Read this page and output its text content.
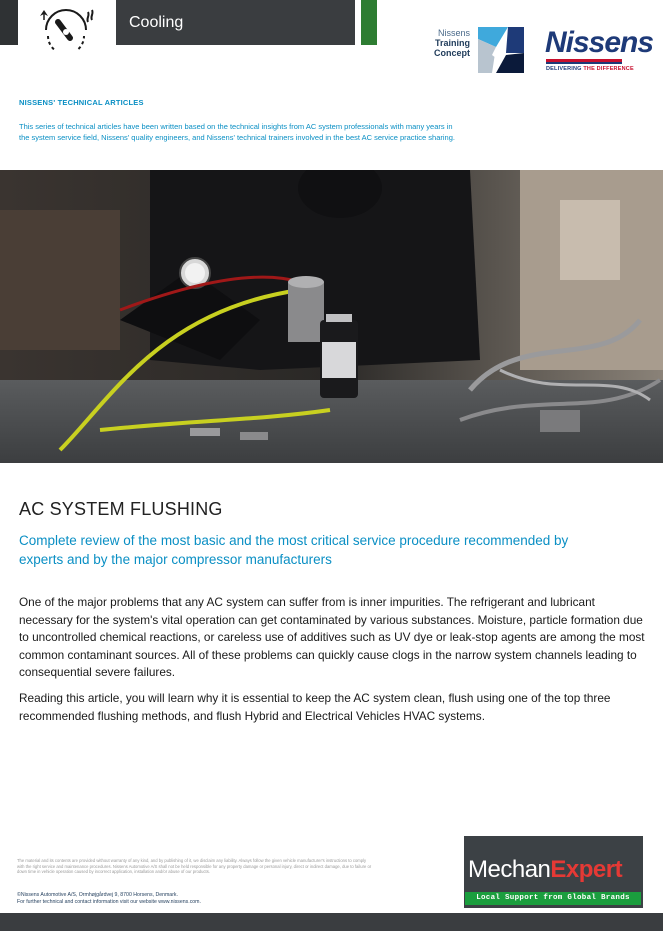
Cooling
Nissens
Training
Concept	Nissens
DELIVERING THE DIFFERENCE
NISSENS' TECHNICAL ARTICLES
This series of technical articles have been written based on the technical insights from AC system professionals with many years in the system service field, Nissens' quality engineers, and Nissens' technical trainers involved in the best AC service practice sharing.
AC SYSTEM FLUSHING
Complete review of the most basic and the most critical service procedure recommended by experts and by the major compressor manufacturers

One of the major problems that any AC system can suffer from is inner impurities. The refrigerant and lubricant necessary for the system's vital operation can get contaminated by various substances. Moisture, particle formation due to uncontrolled chemical reactions, or careless use of additives such as UV dye or leak-stop agents are among the most common contaminant sources. All of these problems can quickly cause clogs in the narrow system channels leading to consequential severe failures.

Reading this article, you will learn why it is essential to keep the AC system clean, flush using one of the top three recommended flushing methods, and flush Hybrid and Electrical Vehicles HVAC systems.

The material and its contents are provided without warranty of any kind, and by publishing of it, we disclaim any liability. Always follow the given vehicle manufacturer's instructions to comply with the right service and maintenance procedures. Nissens Automotive A/S shall not be held responsible for any property damage or personal injury, direct or indirect damage, due to failure or down time in vehicle operation caused by incorrect application, installation and/or abuse of our products.
©Nissens Automotive A/S, Ormhøjgårdvej 9, 8700 Horsens, Denmark.
For further technical and contact information visit our website www.nissens.com.
MechanExpert
Local Support from Global Brands
